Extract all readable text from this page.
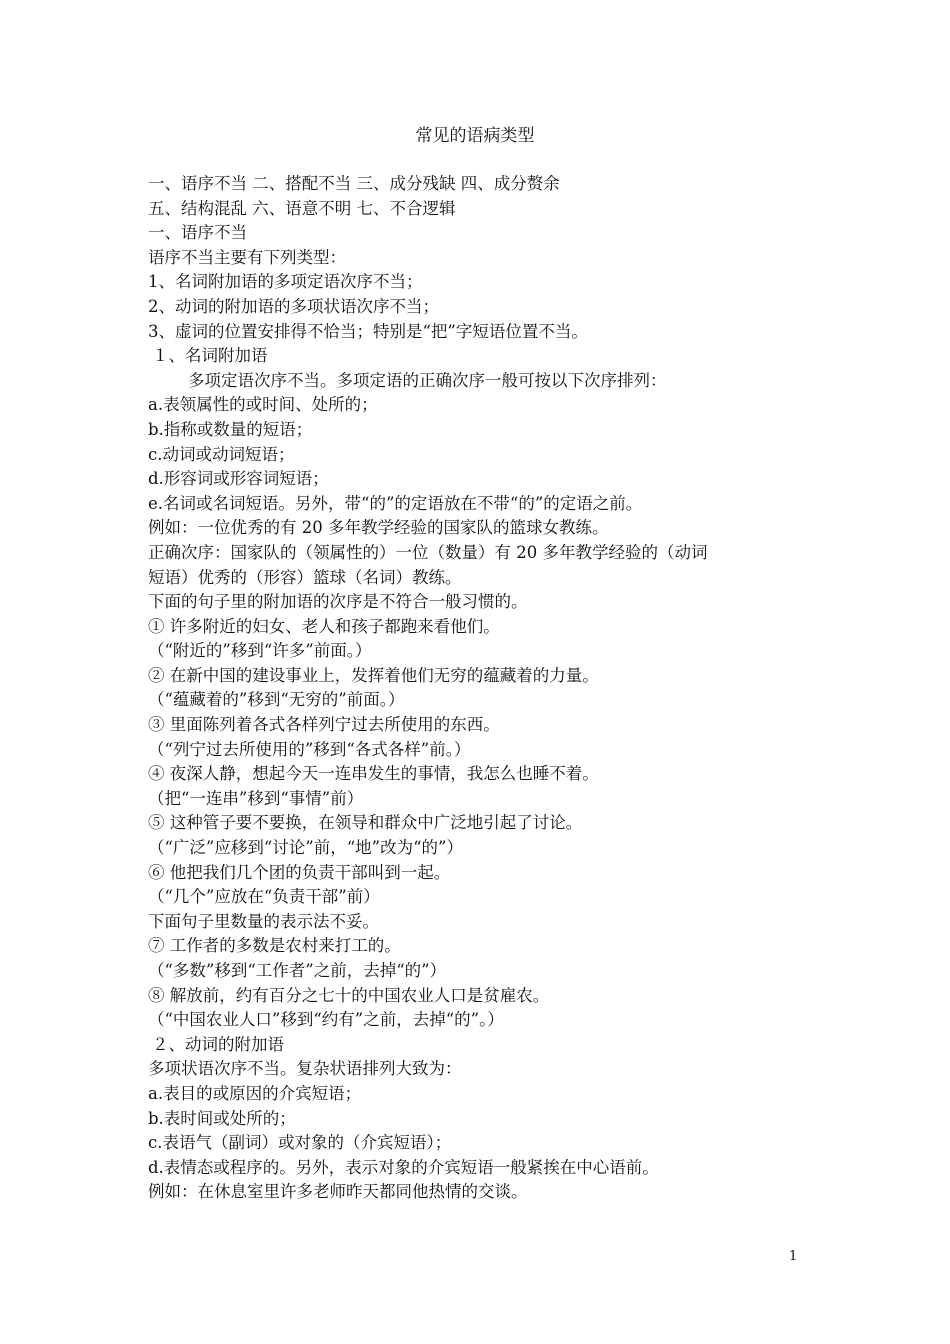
常见的语病类型

一、语序不当 二、搭配不当 三、成分残缺 四、成分赘余

五、结构混乱 六、语意不明 七、不合逻辑

一、语序不当

语序不当主要有下列类型：

1、名词附加语的多项定语次序不当；

2、动词的附加语的多项状语次序不当；

3、虚词的位置安排得不恰当；特别是“把”字短语位置不当。

１、名词附加语

多项定语次序不当。多项定语的正确次序一般可按以下次序排列：

a.表领属性的或时间、处所的；

b.指称或数量的短语；

c.动词或动词短语；

d.形容词或形容词短语；

e.名词或名词短语。另外，带“的”的定语放在不带“的”的定语之前。

例如：一位优秀的有 20 多年教学经验的国家队的篮球女教练。

正确次序：国家队的（领属性的）一位（数量）有 20 多年教学经验的（动词

短语）优秀的（形容）篮球（名词）教练。

下面的句子里的附加语的次序是不符合一般习惯的。

① 许多附近的妇女、老人和孩子都跑来看他们。

（“附近的”移到“许多”前面。）

② 在新中国的建设事业上，发挥着他们无穷的蕴藏着的力量。

（“蕴藏着的”移到“无穷的”前面。）

③ 里面陈列着各式各样列宁过去所使用的东西。

（“列宁过去所使用的”移到“各式各样”前。）

④ 夜深人静，想起今天一连串发生的事情，我怎么也睡不着。

（把“一连串”移到“事情”前）

⑤ 这种管子要不要换，在领导和群众中广泛地引起了讨论。

（“广泛”应移到“讨论”前，“地”改为“的”）

⑥ 他把我们几个团的负责干部叫到一起。

（“几个”应放在“负责干部”前）

下面句子里数量的表示法不妥。

⑦ 工作者的多数是农村来打工的。

（“多数”移到“工作者”之前，去掉“的”）

⑧ 解放前，约有百分之七十的中国农业人口是贫雇农。

（“中国农业人口”移到“约有”之前，去掉“的”。）

２、动词的附加语

多项状语次序不当。复杂状语排列大致为：

a.表目的或原因的介宾短语；

b.表时间或处所的；

c.表语气（副词）或对象的（介宾短语）；

d.表情态或程序的。另外，表示对象的介宾短语一般紧挨在中心语前。

例如：在休息室里许多老师昨天都同他热情的交谈。

1
